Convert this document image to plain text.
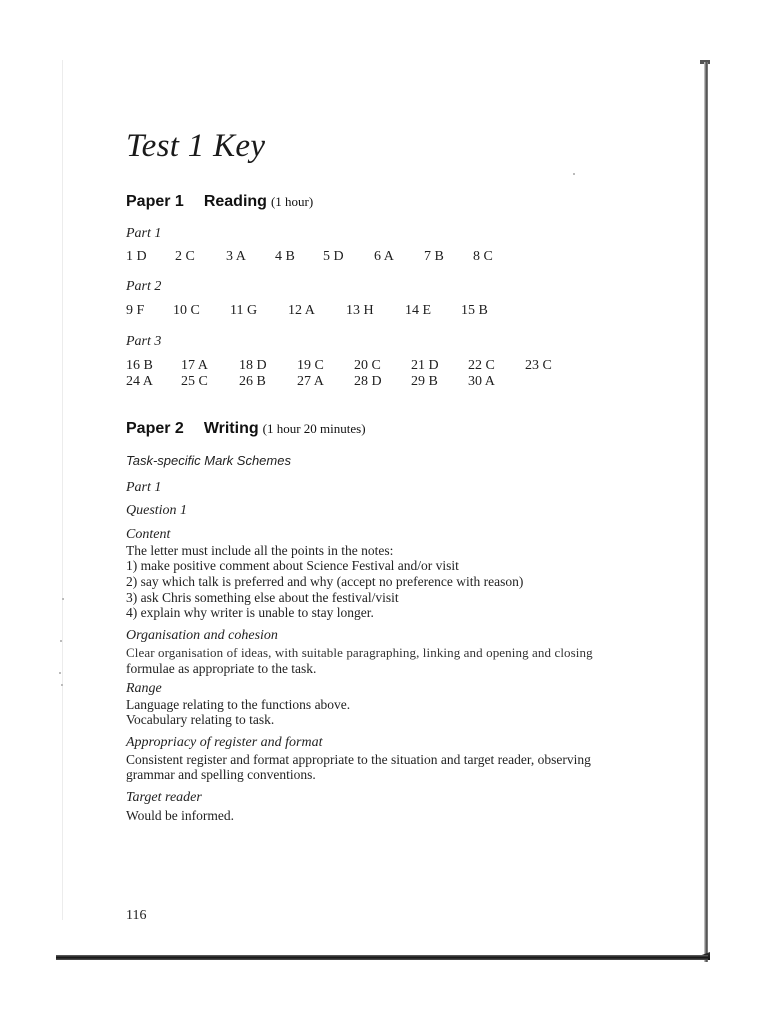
Test 1 Key
Paper 1 Reading (1 hour)
Part 1
1 D 2 C 3 A 4 B 5 D 6 A 7 B 8 C
Part 2
9 F 10 C 11 G 12 A 13 H 14 E 15 B
Part 3
16 B 17 A 18 D 19 C 20 C 21 D 22 C 23 C
24 A 25 C 26 B 27 A 28 D 29 B 30 A
Paper 2 Writing (1 hour 20 minutes)
Task-specific Mark Schemes
Part 1
Question 1
Content
The letter must include all the points in the notes:
1) make positive comment about Science Festival and/or visit
2) say which talk is preferred and why (accept no preference with reason)
3) ask Chris something else about the festival/visit
4) explain why writer is unable to stay longer.
Organisation and cohesion
Clear organisation of ideas, with suitable paragraphing, linking and opening and closing
formulae as appropriate to the task.
Range
Language relating to the functions above.
Vocabulary relating to task.
Appropriacy of register and format
Consistent register and format appropriate to the situation and target reader, observing
grammar and spelling conventions.
Target reader
Would be informed.
116
